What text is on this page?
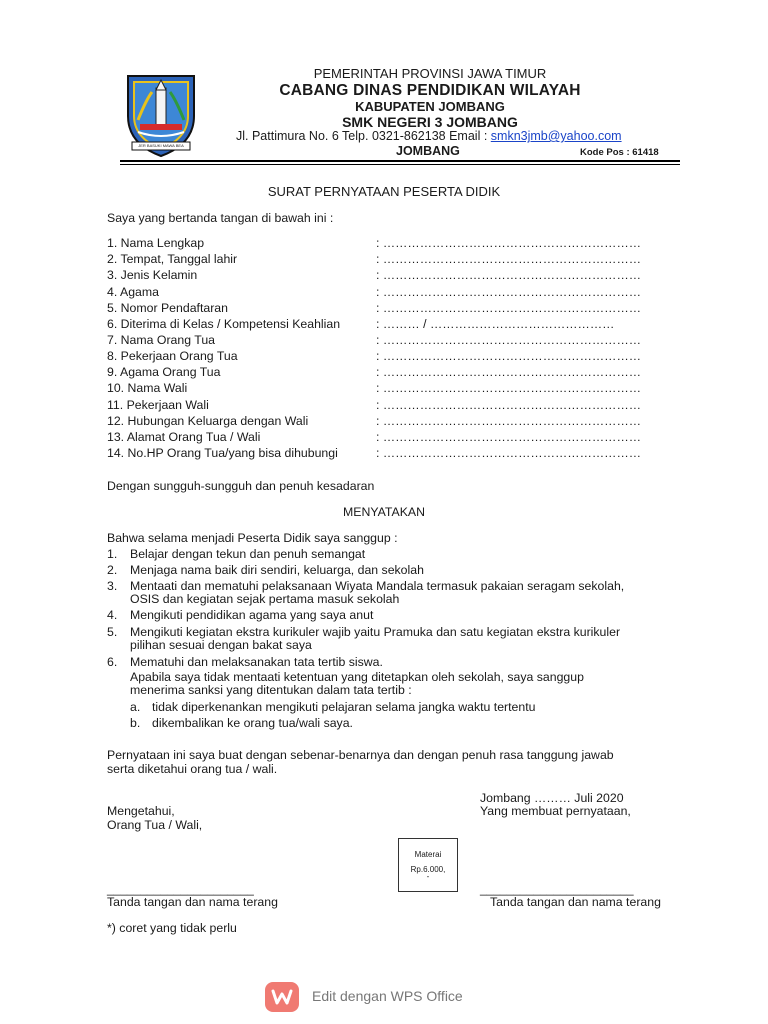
JER BASUKI MAWA BEA
PEMERINTAH PROVINSI JAWA TIMUR
CABANG DINAS PENDIDIKAN WILAYAH
KABUPATEN JOMBANG
SMK NEGERI 3 JOMBANG
Jl. Pattimura No. 6 Telp. 0321-862138 Email : smkn3jmb@yahoo.com
JOMBANG	Kode Pos : 61418
SURAT PERNYATAAN PESERTA DIDIK
Saya yang bertanda tangan di bawah ini :
1. Nama Lengkap	: ………………………………………………………
2. Tempat, Tanggal lahir	: ………………………………………………………
3. Jenis Kelamin	: ………………………………………………………
4. Agama	: ………………………………………………………
5. Nomor Pendaftaran	: ………………………………………………………
6. Diterima di Kelas / Kompetensi Keahlian	: ……… / ………………………………………
7. Nama Orang Tua	: ………………………………………………………
8. Pekerjaan Orang Tua	: ………………………………………………………
9. Agama Orang Tua	: ………………………………………………………
10. Nama Wali	: ………………………………………………………
11. Pekerjaan Wali	: ………………………………………………………
12. Hubungan Keluarga dengan Wali	: ………………………………………………………
13. Alamat Orang Tua / Wali	: ………………………………………………………
14. No.HP Orang Tua/yang bisa dihubungi	: ………………………………………………………
Dengan sungguh-sungguh dan penuh kesadaran
MENYATAKAN
Bahwa selama menjadi Peserta Didik saya sanggup :
1. Belajar dengan tekun dan penuh semangat
2. Menjaga nama baik diri sendiri, keluarga, dan sekolah
3. Mentaati dan mematuhi pelaksanaan Wiyata Mandala termasuk pakaian seragam sekolah,
OSIS dan kegiatan sejak pertama masuk sekolah
4. Mengikuti pendidikan agama yang saya anut
5. Mengikuti kegiatan ekstra kurikuler wajib yaitu Pramuka dan satu kegiatan ekstra kurikuler
pilihan sesuai dengan bakat saya
6. Mematuhi dan melaksanakan tata tertib siswa.
Apabila saya tidak mentaati ketentuan yang ditetapkan oleh sekolah, saya sanggup
menerima sanksi yang ditentukan dalam tata tertib :
a. tidak diperkenankan mengikuti pelajaran selama jangka waktu tertentu
b. dikembalikan ke orang tua/wali saya.
Pernyataan ini saya buat dengan sebenar-benarnya dan dengan penuh rasa tanggung jawab
serta diketahui orang tua / wali.
Jombang ……… Juli 2020
Mengetahui,	Yang membuat pernyataan,
Orang Tua / Wali,
Materai
Rp.6.000,
-
______________________	_______________________
Tanda tangan dan nama terang	Tanda tangan dan nama terang
*) coret yang tidak perlu
Edit dengan WPS Office
